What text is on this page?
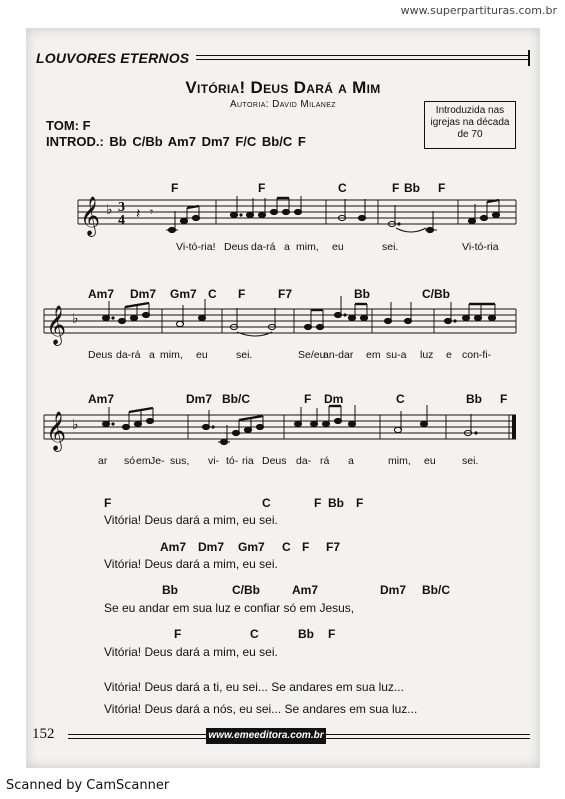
www.superpartituras.com.br
LOUVORES ETERNOS
Vitória! Deus Dará a Mim
Autoria: David Milanez
Introduzida nas
igrejas na década
de 70
TOM: F
INTROD.: Bb C/Bb Am7 Dm7 F/C Bb/C F
𝄞 ♭ 3
4 𝄽 𝄾
F	F	C	F Bb F
Vi-tó-ria! Deus da-rá a mim, eu	sei.	Vi-tó-ria
𝄞 ♭
Am7 Dm7 Gm7 C F	F7	Bb	C/Bb
Deus da-rá a mim, eu	sei.	Se/eu
an-dar em su-a luz e con-fi-
𝄞 ♭
Am7	Dm7 Bb/C	F Dm	C	Bb F
ar só em Je- sus, vi- tó- ria Deus da- rá a	mim, eu	sei.
F	C	F Bb F
Vitória! Deus dará a mim, eu sei.
Am7 Dm7 Gm7 C F F7
Vitória! Deus dará a mim, eu sei.
Bb	C/Bb	Am7	Dm7 Bb/C
Se eu andar em sua luz e confiar só em Jesus,
F	C	Bb F
Vitória! Deus dará a mim, eu sei.
Vitória! Deus dará a ti, eu sei... Se andares em sua luz...
Vitória! Deus dará a nós, eu sei... Se andares em sua luz...
152	www.emeeditora.com.br
Scanned by CamScanner
